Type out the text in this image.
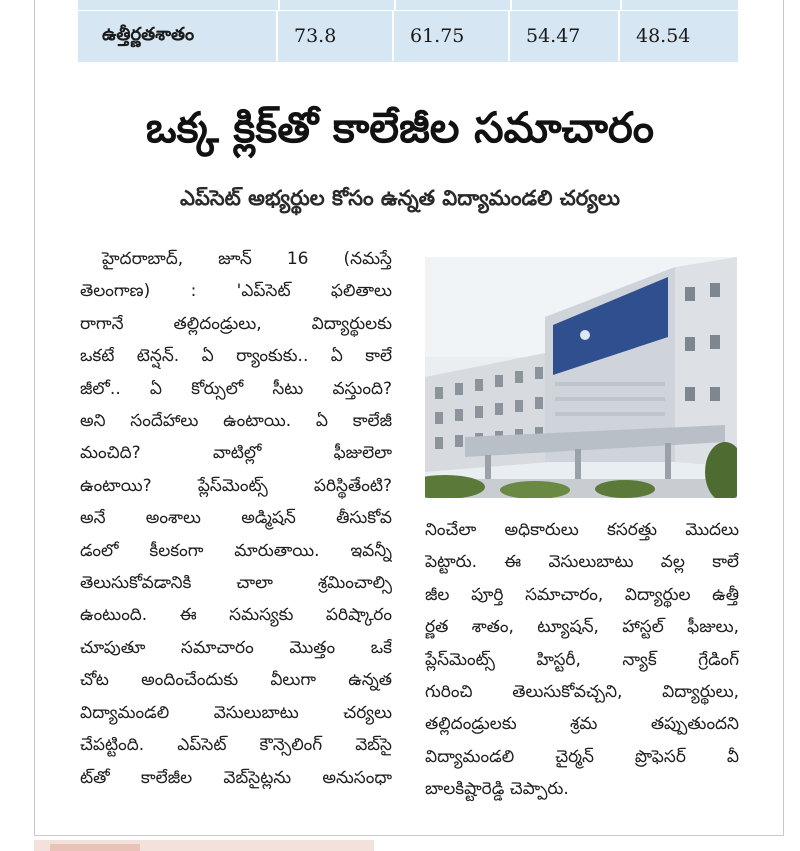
ఉత్తీర్ణతశాతం	73.8	61.75	54.47	48.54
ఒక్క క్లిక్‌తో కాలేజీల సమాచారం
ఎప్‌సెట్‌ అభ్యర్థుల కోసం ఉన్నత విద్యామండలి చర్యలు
హైదరాబాద్‌, జూన్‌ 16 (నమస్తే
తెలంగాణ) : 'ఎప్‌సెట్‌ ఫలితాలు
రాగానే తల్లిదండ్రులు, విద్యార్థులకు
ఒకటే టెన్షన్‌. ఏ ర్యాంకుకు.. ఏ కాలే
జీలో.. ఏ కోర్సులో సీటు వస్తుంది?
అని సందేహాలు ఉంటాయి. ఏ కాలేజీ
మంచిది? వాటిల్లో ఫీజులెలా
ఉంటాయి? ప్లేస్‌మెంట్స్‌ పరిస్థితేంటి?
అనే అంశాలు అడ్మిషన్‌ తీసుకోవ
డంలో కీలకంగా మారుతాయి. ఇవన్నీ
తెలుసుకోవడానికి చాలా శ్రమించాల్సి
ఉంటుంది. ఈ సమస్యకు పరిష్కారం
చూపుతూ సమాచారం మొత్తం ఒకే
చోట అందించేందుకు వీలుగా ఉన్నత
విద్యామండలి వెసులుబాటు చర్యలు
చేపట్టింది. ఎప్‌సెట్‌ కౌన్సెలింగ్‌ వెబ్‌సై
ట్‌తో కాలేజీల వెబ్‌సైట్లను అనుసంధా
నించేలా అధికారులు కసరత్తు మొదలు
పెట్టారు. ఈ వెసులుబాటు వల్ల కాలే
జీల పూర్తి సమాచారం, విద్యార్థుల ఉత్తీ
ర్ణత శాతం, ట్యూషన్‌, హాస్టల్‌ ఫీజులు,
ప్లేస్‌మెంట్స్‌ హిస్టరీ, న్యాక్‌ గ్రేడింగ్‌
గురించి తెలుసుకోవచ్చని, విద్యార్థులు,
తల్లిదండ్రులకు శ్రమ తప్పుతుందని
విద్యామండలి చైర్మన్‌ ప్రొఫెసర్‌ వీ
బాలకిష్టారెడ్డి చెప్పారు.
